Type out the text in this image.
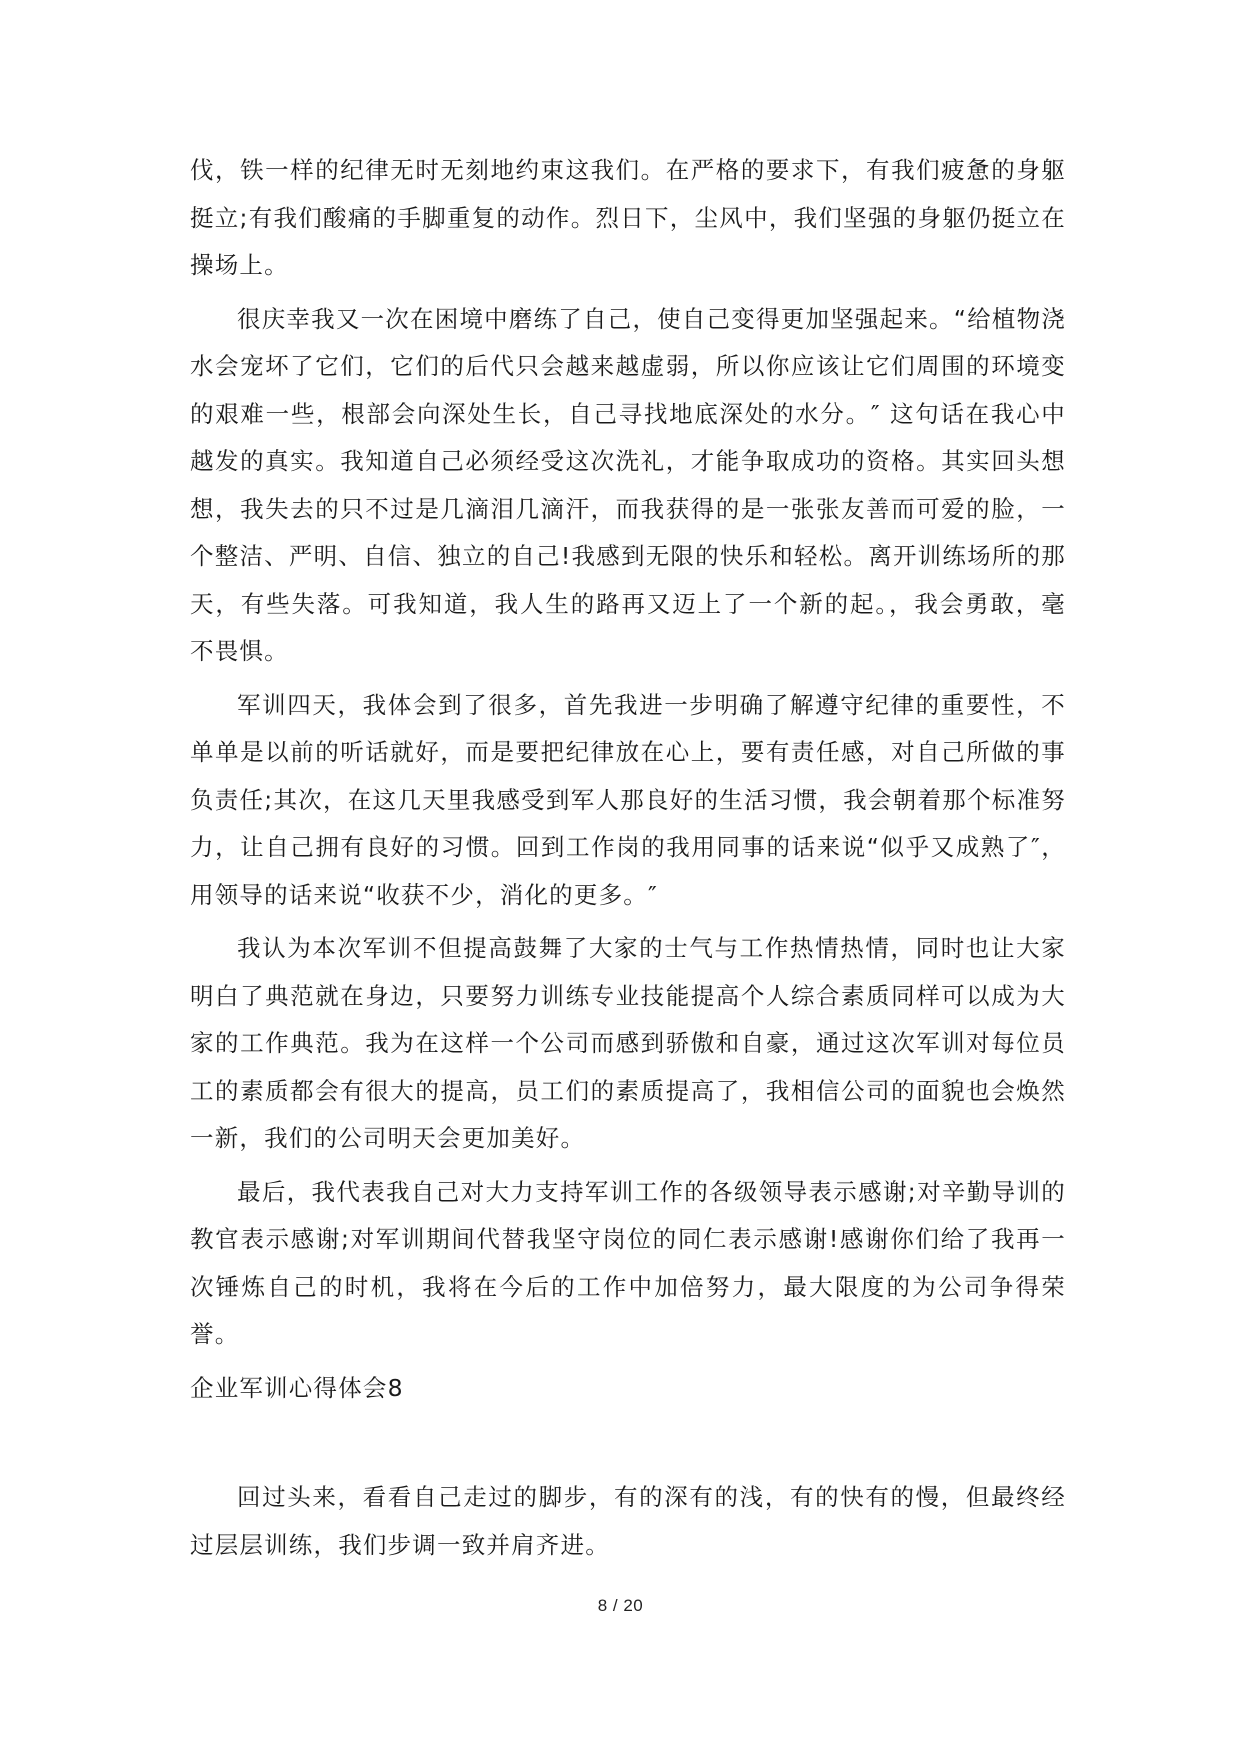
伐，铁一样的纪律无时无刻地约束这我们。在严格的要求下，有我们疲惫的身躯挺立;有我们酸痛的手脚重复的动作。烈日下，尘风中，我们坚强的身躯仍挺立在操场上。

很庆幸我又一次在困境中磨练了自己，使自己变得更加坚强起来。“给植物浇水会宠坏了它们，它们的后代只会越来越虚弱，所以你应该让它们周围的环境变的艰难一些，根部会向深处生长，自己寻找地底深处的水分。″ 这句话在我心中越发的真实。我知道自己必须经受这次洗礼，才能争取成功的资格。其实回头想想，我失去的只不过是几滴泪几滴汗，而我获得的是一张张友善而可爱的脸，一个整洁、严明、自信、独立的自己!我感到无限的快乐和轻松。离开训练场所的那天，有些失落。可我知道，我人生的路再又迈上了一个新的起。，我会勇敢，毫不畏惧。

军训四天，我体会到了很多，首先我进一步明确了解遵守纪律的重要性，不单单是以前的听话就好，而是要把纪律放在心上，要有责任感，对自己所做的事负责任;其次，在这几天里我感受到军人那良好的生活习惯，我会朝着那个标准努力，让自己拥有良好的习惯。回到工作岗的我用同事的话来说“似乎又成熟了″，用领导的话来说“收获不少，消化的更多。″

我认为本次军训不但提高鼓舞了大家的士气与工作热情热情，同时也让大家明白了典范就在身边，只要努力训练专业技能提高个人综合素质同样可以成为大家的工作典范。我为在这样一个公司而感到骄傲和自豪，通过这次军训对每位员工的素质都会有很大的提高，员工们的素质提高了，我相信公司的面貌也会焕然一新，我们的公司明天会更加美好。

最后，我代表我自己对大力支持军训工作的各级领导表示感谢;对辛勤导训的教官表示感谢;对军训期间代替我坚守岗位的同仁表示感谢!感谢你们给了我再一次锤炼自己的时机，我将在今后的工作中加倍努力，最大限度的为公司争得荣誉。

企业军训心得体会8

回过头来，看看自己走过的脚步，有的深有的浅，有的快有的慢，但最终经过层层训练，我们步调一致并肩齐进。

8 / 20
